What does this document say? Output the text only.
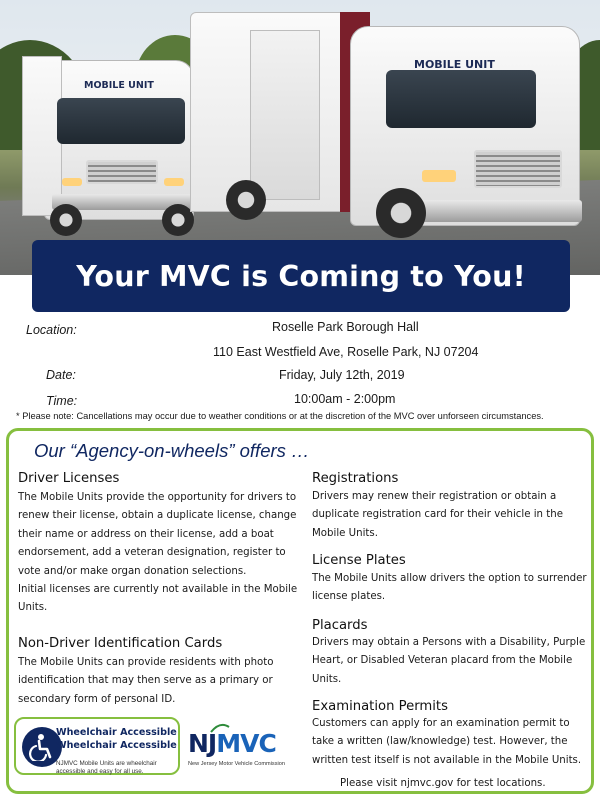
MOBILE UNIT
MOBILE UNIT
Your MVC is Coming to You!
Location:	Roselle Park Borough Hall
110 East Westfield Ave, Roselle Park, NJ 07204
Date:	Friday, July 12th, 2019
Time:	10:00am - 2:00pm
* Please note: Cancellations may occur due to weather conditions or at the discretion of the MVC over unforseen circumstances.
Our “Agency-on-wheels” offers …
Driver Licenses
The Mobile Units provide the opportunity for drivers to renew their license, obtain a duplicate license, change their name or address on their license, add a boat endorsement, add a veteran designation, register to vote and/or make organ donation selections.
Initial licenses are currently not available in the Mobile Units.
Non-Driver Identification Cards
The Mobile Units can provide residents with photo identification that may then serve as a primary or secondary form of personal ID.
Registrations
Drivers may renew their registration or obtain a duplicate registration card for their vehicle in the Mobile Units.
License Plates
The Mobile Units allow drivers the option to surrender license plates.
Placards
Drivers may obtain a Persons with a Disability, Purple Heart, or Disabled Veteran placard from the Mobile Units.
Examination Permits
Customers can apply for an examination permit to take a written (law/knowledge) test. However, the written test itself is not available in the Mobile Units.
Please visit njmvc.gov for test locations.
Wheelchair Accessible
Wheelchair Accessible
NJMVC Mobile Units are wheelchair accessible and easy for all use.
NJMVC
New Jersey Motor Vehicle Commission
